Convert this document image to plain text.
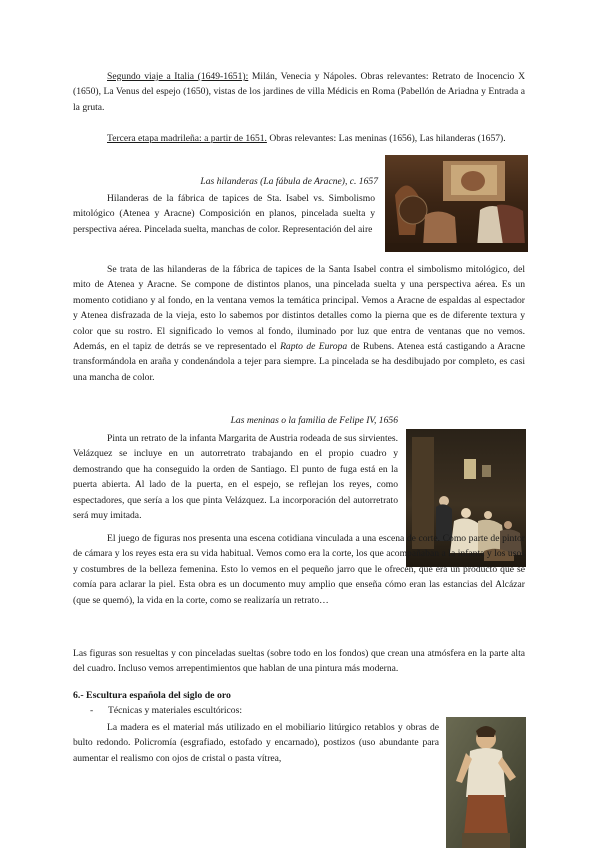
Segundo viaje a Italia (1649-1651): Milán, Venecia y Nápoles. Obras relevantes: Retrato de Inocencio X (1650), La Venus del espejo (1650), vistas de los jardines de villa Médicis en Roma (Pabellón de Ariadna y Entrada a la gruta.

Tercera etapa madrileña: a partir de 1651. Obras relevantes: Las meninas (1656), Las hilanderas (1657).

Las hilanderas (La fábula de Aracne), c. 1657

Hilanderas de la fábrica de tapices de Sta. Isabel vs. Simbolismo mitológico (Atenea y Aracne) Composición en planos, pincelada suelta y perspectiva aérea. Pincelada suelta, manchas de color. Representación del aire

Se trata de las hilanderas de la fábrica de tapices de la Santa Isabel contra el simbolismo mitológico, del mito de Atenea y Aracne. Se compone de distintos planos, una pincelada suelta y una perspectiva aérea. Es un momento cotidiano y al fondo, en la ventana vemos la temática principal. Vemos a Aracne de espaldas al espectador y Atenea disfrazada de la vieja, esto lo sabemos por distintos detalles como la pierna que es de diferente textura y color que su rostro. El significado lo vemos al fondo, iluminado por luz que entra de ventanas que no vemos. Además, en el tapiz de detrás se ve representado el Rapto de Europa de Rubens. Atenea está castigando a Aracne transformándola en araña y condenándola a tejer para siempre. La pincelada se ha desdibujado por completo, es casi una mancha de color.

Las meninas o la familia de Felipe IV, 1656

Pinta un retrato de la infanta Margarita de Austria rodeada de sus sirvientes. Velázquez se incluye en un autorretrato trabajando en el propio cuadro y demostrando que ha conseguido la orden de Santiago. El punto de fuga está en la puerta abierta. Al lado de la puerta, en el espejo, se reflejan los reyes, como espectadores, que sería a los que pinta Velázquez. La incorporación del autorretrato será muy imitada.

El juego de figuras nos presenta una escena cotidiana vinculada a una escena de corte. Como parte de pintor de cámara y los reyes esta era su vida habitual. Vemos como era la corte, los que acompañaban a la infanta y los usos y costumbres de la belleza femenina. Esto lo vemos en el pequeño jarro que le ofrecen, que era un producto que se comía para aclarar la piel. Esta obra es un documento muy amplio que enseña cómo eran las estancias del Alcázar (que se quemó), la vida en la corte, como se realizaría un retrato…

Las figuras son resueltas y con pinceladas sueltas (sobre todo en los fondos) que crean una atmósfera en la parte alta del cuadro. Incluso vemos arrepentimientos que hablan de una pintura más moderna.

6.- Escultura española del siglo de oro
- Técnicas y materiales escultóricos:

La madera es el material más utilizado en el mobiliario litúrgico retablos y obras de bulto redondo. Policromía (esgrafiado, estofado y encarnado), postizos (uso abundante para aumentar el realismo con ojos de cristal o pasta vítrea,
